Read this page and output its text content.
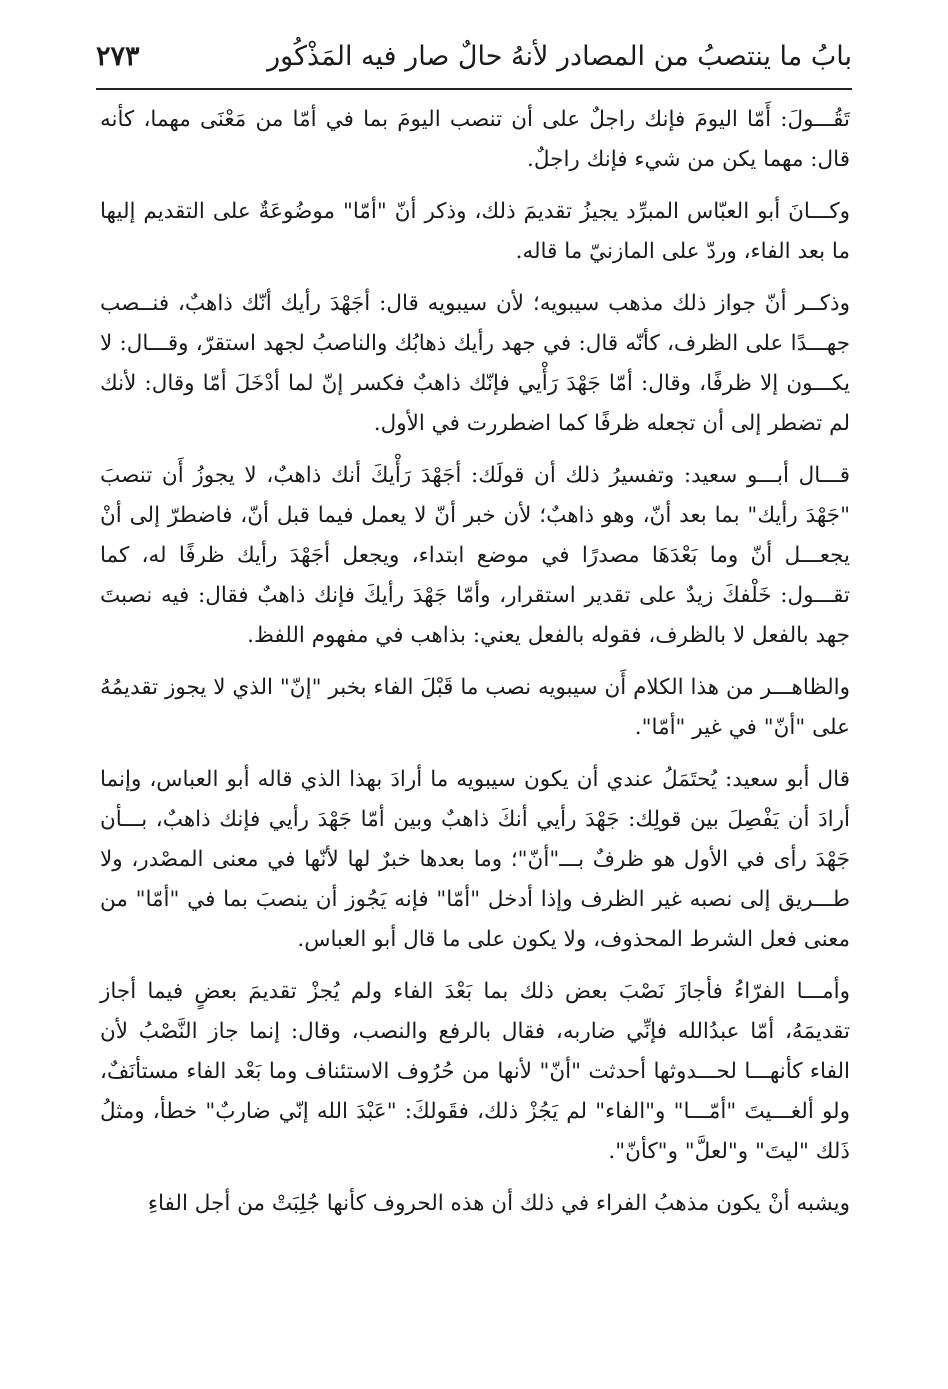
بابُ ما ينتصبُ من المصادر لأنهُ حالٌ صار فيه المَذْكُور
٢٧٣

تَقُـــولَ: أَمّا اليومَ فإنك راجلٌ على أن تنصب اليومَ بما في أمّا من مَعْنَى مهما، كأنه قال: مهما يكن من شيء فإنك راجلٌ.

وكـــانَ أبو العبّاس المبرِّد يجيزُ تقديمَ ذلك، وذكر أنّ "أمّا" موضُوعَةٌ على التقديم إليها ما بعد الفاء، وردّ على المازنيّ ما قاله.

وذكــر أنّ جواز ذلك مذهب سيبويه؛ لأن سيبويه قال: أجَهْدَ رأيك أنّك ذاهبٌ، فنــصب جهـــدًا على الظرف، كأنّه قال: في جهد رأيك ذهابُك والناصبُ لجهد استقرّ، وقـــال: لا يكـــون إلا ظرفًا، وقال: أمّا جَهْدَ رَأْيي فإنّك ذاهبٌ فكسر إنّ لما أدْخَلَ أمّا وقال: لأنك لم تضطر إلى أن تجعله ظرفًا كما اضطررت في الأول.

قـــال أبـــو سعيد: وتفسيرُ ذلك أن قولَك: أجَهْدَ رَأْيكَ أنك ذاهبٌ، لا يجوزُ أَن تنصبَ "جَهْدَ رأيك" بما بعد أنّ، وهو ذاهبٌ؛ لأن خبر أنّ لا يعمل فيما قبل أنّ، فاضطرّ إلى أنْ يجعـــل أنّ وما بَعْدَهَا مصدرًا في موضع ابتداء، ويجعل أجَهْدَ رأيك ظرفًا له، كما تقـــول: خَلْفكَ زيدٌ على تقدير استقرار، وأمّا جَهْدَ رأيكَ فإنك ذاهبٌ فقال: فيه نصبتَ جهد بالفعل لا بالظرف، فقوله بالفعل يعني: بذاهب في مفهوم اللفظ.

والظاهـــر من هذا الكلام أَن سيبويه نصب ما قَبْلَ الفاء بخبر "إنّ" الذي لا يجوز تقديمُهُ على "أنّ" في غير "أمّا".

قال أبو سعيد: يُحتَمَلُ عندي أن يكون سيبويه ما أرادَ بهذا الذي قاله أبو العباس، وإنما أرادَ أن يَفْصِلَ بين قولِك: جَهْدَ رأيي أنكَ ذاهبٌ وبين أمّا جَهْدَ رأيي فإنك ذاهبٌ، بـــأن جَهْدَ رأى في الأول هو ظرفٌ بـــ"أنّ"؛ وما بعدها خبرٌ لها لأنّها في معنى المصْدر، ولا طـــريق إلى نصبه غير الظرف وإذا أدخل "أمّا" فإنه يَجُوز أن ينصبَ بما في "أمّا" من معنى فعل الشرط المحذوف، ولا يكون على ما قال أبو العباس.

وأمـــا الفرّاءُ فأجازَ نَصْبَ بعض ذلك بما بَعْدَ الفاء ولم يُجزْ تقديمَ بعضٍ فيما أجاز تقديمَهُ، أمّا عبدُالله فإنِّي ضاربه، فقال بالرفع والنصب، وقال: إنما جاز النَّصْبُ لأن الفاء كأنهـــا لحـــدوثها أحدثت "أنّ" لأنها من حُرُوف الاستئناف وما بَعْد الفاء مستأنَفٌ، ولو ألغـــيتَ "أمّـــا" و"الفاء" لم يَجُزْ ذلك، فقَولكَ: "عَبْدَ الله إنّي ضاربٌ" خطأ، ومثلُ ذَلك "ليتَ" و"لعلَّ" و"كأنّ".

ويشبه أنْ يكون مذهبُ الفراء في ذلك أن هذه الحروف كأنها جُلِبَتْ من أجل الفاءِ
